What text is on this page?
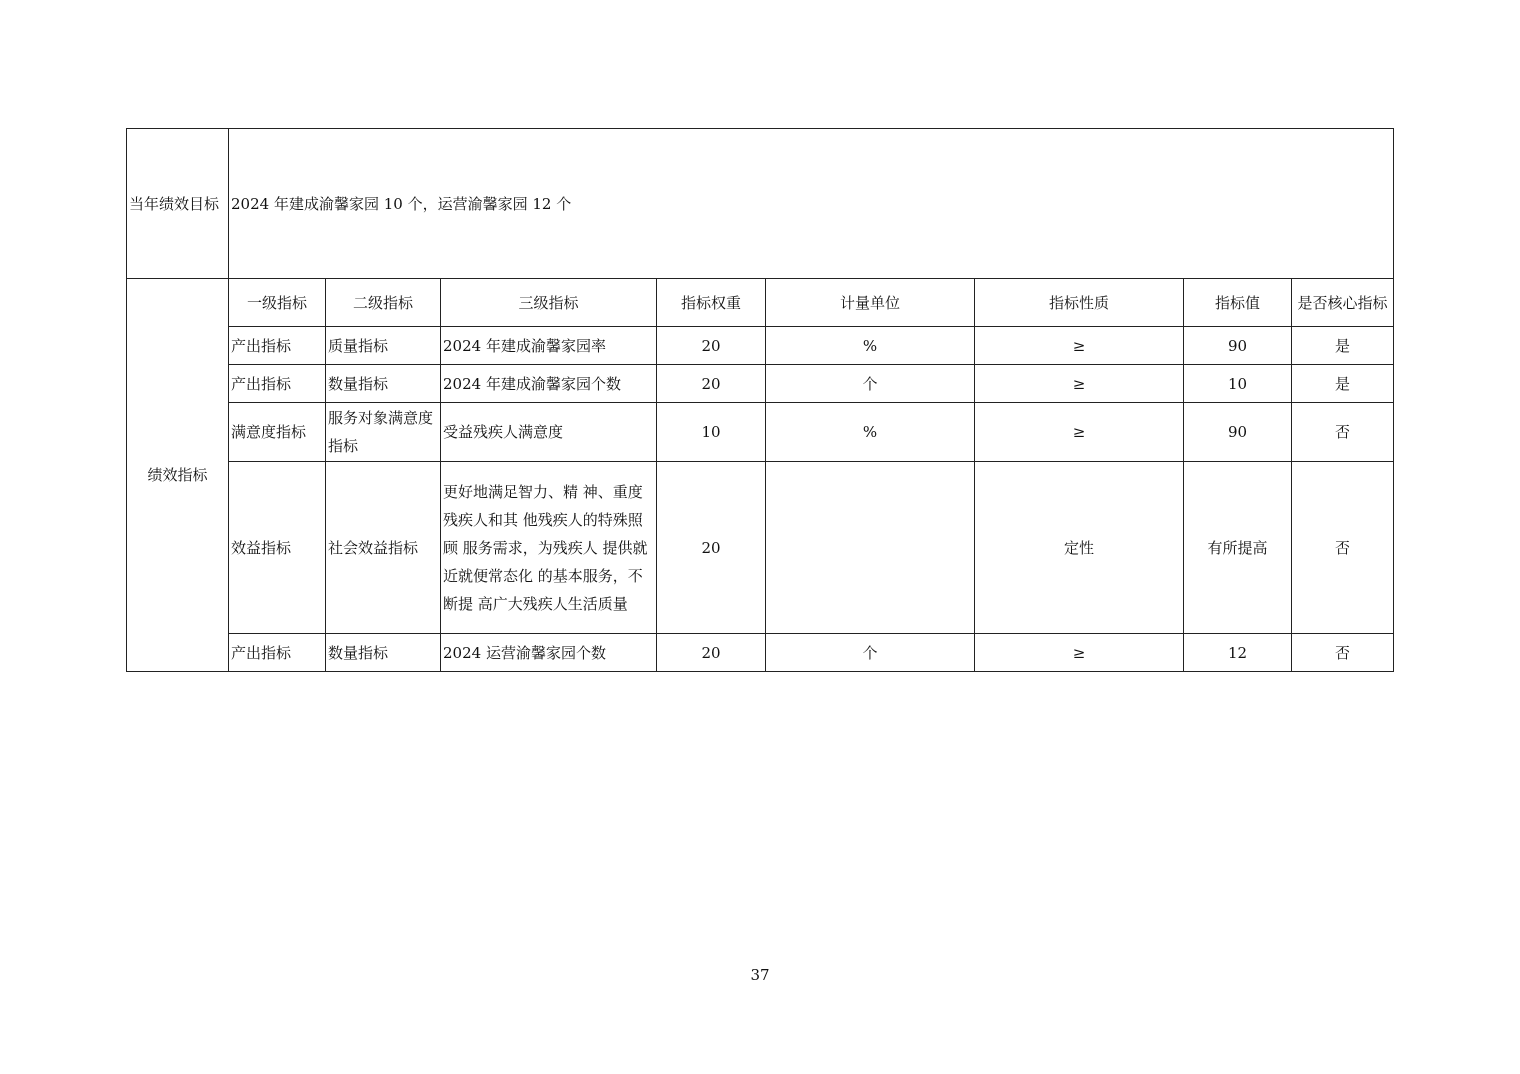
当年绩效目标	2024 年建成渝馨家园 10 个，运营渝馨家园 12 个							
绩效指标	一级指标	二级指标	三级指标	指标权重	计量单位	指标性质	指标值	是否核心指标
	产出指标	质量指标	2024 年建成渝馨家园率	20	%	≥	90	是
	产出指标	数量指标	2024 年建成渝馨家园个数	20	个	≥	10	是
	满意度指标	服务对象满意度指标	受益残疾人满意度	10	%	≥	90	否
	效益指标	社会效益指标	更好地满足智力、精 神、重度残疾人和其 他残疾人的特殊照顾 服务需求，为残疾人 提供就近就便常态化 的基本服务，不断提 高广大残疾人生活质量	20		定性	有所提高	否
	产出指标	数量指标	2024 运营渝馨家园个数	20	个	≥	12	否
37
